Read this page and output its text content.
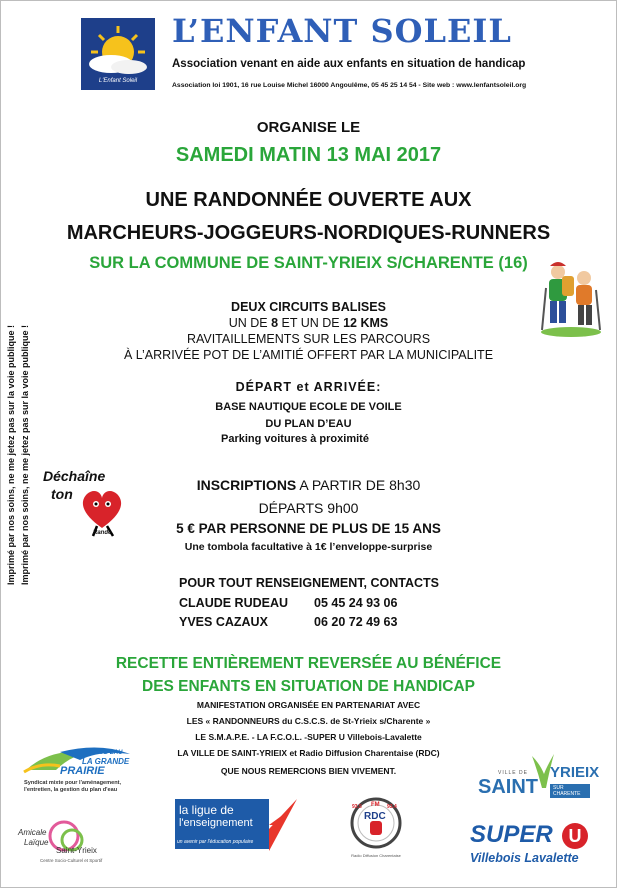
L'Enfant Soleil
L’ENFANT SOLEIL
Association venant en aide aux enfants en situation de handicap
Association loi 1901, 16 rue Louise Michel 16000 Angoulême, 05 45 25 14 54 - Site web : www.lenfantsoleil.org
Imprimé par nos soins, ne me jetez pas sur la voie publique ! Imprimé par nos soins, ne me jetez pas sur la voie publique !
ORGANISE LE
SAMEDI MATIN 13 MAI 2017
UNE RANDONNÉE OUVERTE AUX
MARCHEURS-JOGGEURS-NORDIQUES-RUNNERS
SUR LA COMMUNE DE SAINT-YRIEIX S/CHARENTE (16)
DEUX CIRCUITS BALISES
UN DE 8 ET UN DE 12 KMS
RAVITAILLEMENTS SUR LES PARCOURS
À L’ARRIVÉE POT DE L’AMITIÉ OFFERT PAR LA MUNICIPALITE
DÉPART et ARRIVÉE:
BASE NAUTIQUE ECOLE DE VOILE
DU PLAN D’EAU
Parking voitures à proximité
Déchaîne
ton
Rando
INSCRIPTIONS A PARTIR DE 8h30
DÉPARTS 9h00
5 € PAR PERSONNE DE PLUS DE 15 ANS
Une tombola facultative à 1€ l’enveloppe-surprise
POUR TOUT RENSEIGNEMENT, CONTACTS
CLAUDE RUDEAU 05 45 24 93 06
YVES CAZAUX	06 20 72 49 63
RECETTE ENTIÈREMENT REVERSÉE AU BÉNÉFICE
DES ENFANTS EN SITUATION DE HANDICAP
MANIFESTATION ORGANISÉE EN PARTENARIAT AVEC
LES « RANDONNEURS du C.S.C.S. de St-Yrieix s/Charente »
LE S.M.A.P.E. - LA F.C.O.L. -SUPER U Villebois-Lavalette
LA VILLE DE SAINT-YRIEIX et Radio Diffusion Charentaise (RDC)
QUE NOUS REMERCIONS BIEN VIVEMENT.
PLAN D'EAU
LA GRANDE
PRAIRIE
Syndicat mixte pour l'aménagement, l'entretien, la gestion du plan d'eau
Amicale
Laïque
Saint-Yrieix
Centre Socio-Culturel et Sportif
la ligue de
l'enseignement
un avenir par l'éducation populaire
93.5 FM 93.4
RDC
Radio Diffusion Charentaise
VILLE DE
SAINT
YRIEIX
SUR CHARENTE
SUPER U
Villebois Lavalette
